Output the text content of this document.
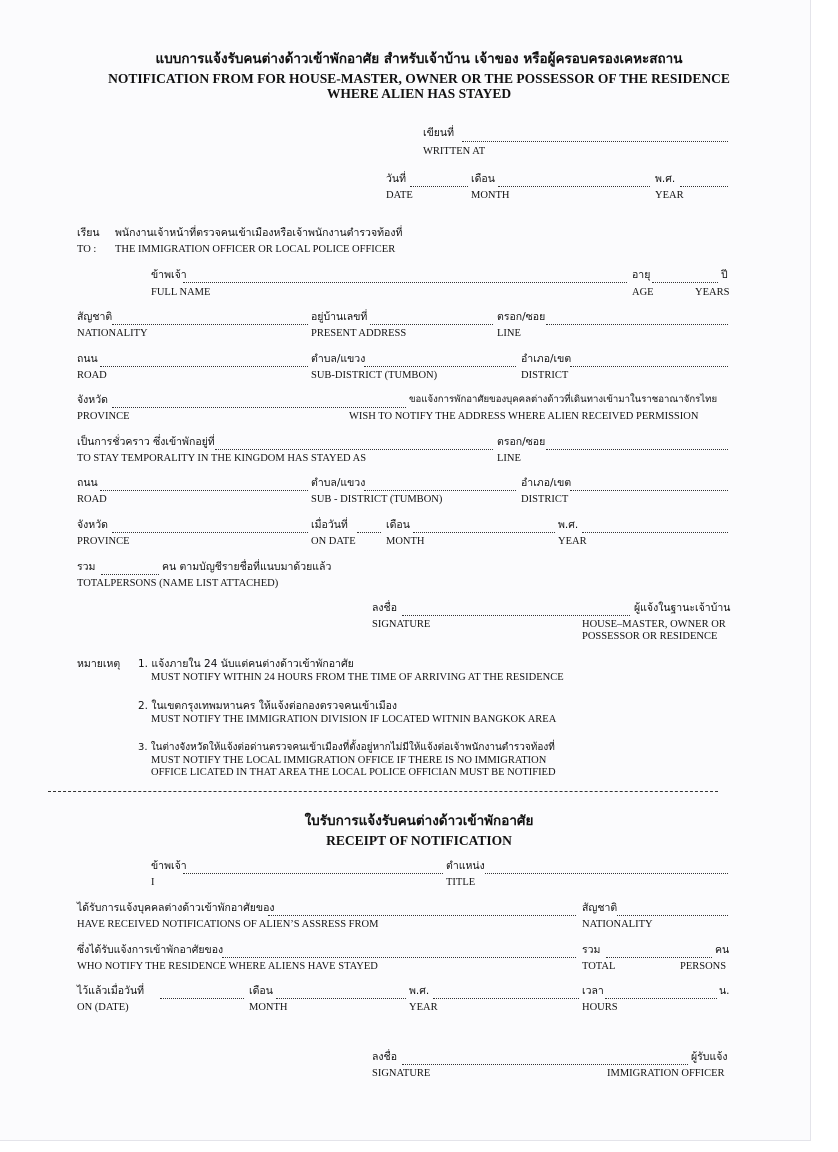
แบบการแจ้งรับคนต่างด้าวเข้าพักอาศัย สำหรับเจ้าบ้าน เจ้าของ หรือผู้ครอบครองเคหะสถาน
NOTIFICATION FROM FOR HOUSE-MASTER, OWNER OR THE POSSESSOR OF THE RESIDENCE
WHERE ALIEN HAS STAYED
เขียนที่
WRITTEN AT
วันที่	เดือน	พ.ศ.
DATE	MONTH	YEAR
เรียน พนักงานเจ้าหน้าที่ตรวจคนเข้าเมืองหรือเจ้าพนักงานตำรวจท้องที่
TO : THE IMMIGRATION OFFICER OR LOCAL POLICE OFFICER
ข้าพเจ้า	อายุ	ปี
FULL NAME	AGE	YEARS
สัญชาติ	อยู่บ้านเลขที่	ตรอก/ซอย
NATIONALITY	PRESENT ADDRESS	LINE
ถนน	ตำบล/แขวง	อำเภอ/เขต
ROAD	SUB-DISTRICT (TUMBON)	DISTRICT
จังหวัด	ขอแจ้งการพักอาศัยของบุคคลต่างด้าวที่เดินทางเข้ามาในราชอาณาจักรไทย
PROVINCE	WISH TO NOTIFY THE ADDRESS WHERE ALIEN RECEIVED PERMISSION
เป็นการชั่วคราว ซึ่งเข้าพักอยู่ที่	ตรอก/ซอย
TO STAY TEMPORALITY IN THE KINGDOM HAS STAYED AS	LINE
ถนน	ตำบล/แขวง	อำเภอ/เขต
ROAD	SUB - DISTRICT (TUMBON)	DISTRICT
จังหวัด	เมื่อวันที่	เดือน	พ.ศ.
PROVINCE	ON DATE	MONTH	YEAR
รวม	คน ตามบัญชีรายชื่อที่แนบมาด้วยแล้ว
TOTALPERSONS (NAME LIST ATTACHED)
ลงชื่อ	ผู้แจ้งในฐานะเจ้าบ้าน
SIGNATURE	HOUSE–MASTER, OWNER OR
POSSESSOR OR RESIDENCE
หมายเหตุ 1. แจ้งภายใน 24 นับแต่คนต่างด้าวเข้าพักอาศัย
MUST NOTIFY WITHIN 24 HOURS FROM THE TIME OF ARRIVING AT THE RESIDENCE
2. ในเขตกรุงเทพมหานคร ให้แจ้งต่อกองตรวจคนเข้าเมือง
MUST NOTIFY THE IMMIGRATION DIVISION IF LOCATED WITNIN BANGKOK AREA
3. ในต่างจังหวัดให้แจ้งต่อด่านตรวจคนเข้าเมืองที่ตั้งอยู่หากไม่มีให้แจ้งต่อเจ้าพนักงานตำรวจท้องที่
MUST NOTIFY THE LOCAL IMMIGRATION OFFICE IF THERE IS NO IMMIGRATION
OFFICE LICATED IN THAT AREA THE LOCAL POLICE OFFICIAN MUST BE NOTIFIED
ใบรับการแจ้งรับคนต่างด้าวเข้าพักอาศัย
RECEIPT OF NOTIFICATION
ข้าพเจ้า	ตำแหน่ง
I	TITLE
ได้รับการแจ้งบุคคลต่างด้าวเข้าพักอาศัยของ	สัญชาติ
HAVE RECEIVED NOTIFICATIONS OF ALIEN’S ASSRESS FROM	NATIONALITY
ซึ่งได้รับแจ้งการเข้าพักอาศัยของ	รวม	คน
WHO NOTIFY THE RESIDENCE WHERE ALIENS HAVE STAYED	TOTAL	PERSONS
ไว้แล้วเมื่อวันที่	เดือน	พ.ศ.	เวลา	น.
ON (DATE)	MONTH	YEAR	HOURS
ลงชื่อ	ผู้รับแจ้ง
SIGNATURE	IMMIGRATION OFFICER
